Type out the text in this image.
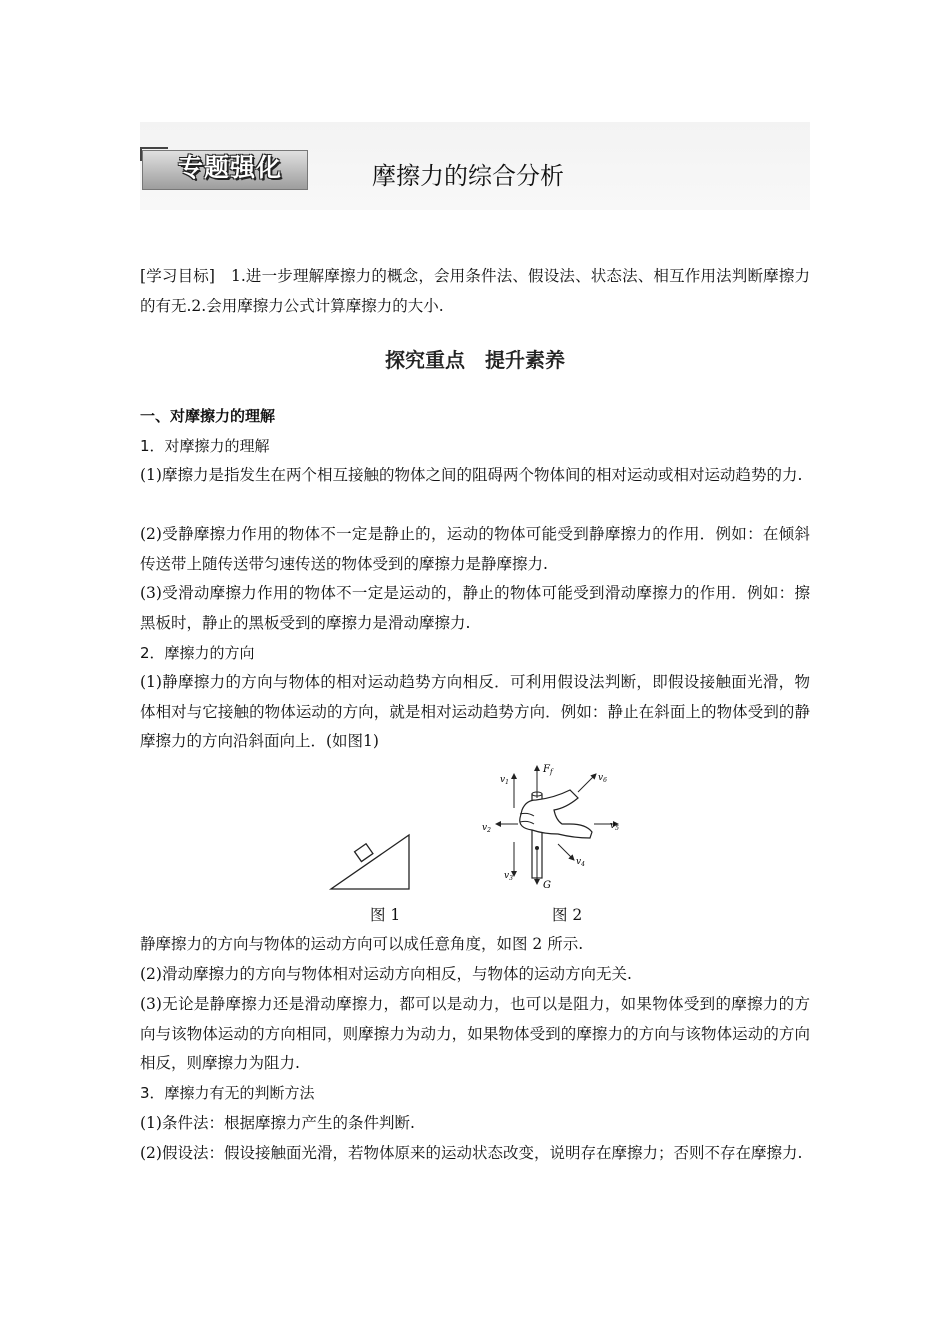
专题强化	摩擦力的综合分析

[学习目标] 1.进一步理解摩擦力的概念，会用条件法、假设法、状态法、相互作用法判断摩擦力的有无.2.会用摩擦力公式计算摩擦力的大小.

探究重点　提升素养
一、对摩擦力的理解
1．对摩擦力的理解

(1)摩擦力是指发生在两个相互接触的物体之间的阻碍两个物体间的相对运动或相对运动趋势的力.

(2)受静摩擦力作用的物体不一定是静止的，运动的物体可能受到静摩擦力的作用．例如：在倾斜传送带上随传送带匀速传送的物体受到的摩擦力是静摩擦力.

(3)受滑动摩擦力作用的物体不一定是运动的，静止的物体可能受到滑动摩擦力的作用．例如：擦黑板时，静止的黑板受到的摩擦力是滑动摩擦力.

2．摩擦力的方向

(1)静摩擦力的方向与物体的相对运动趋势方向相反．可利用假设法判断，即假设接触面光滑，物体相对与它接触的物体运动的方向，就是相对运动趋势方向．例如：静止在斜面上的物体受到的静摩擦力的方向沿斜面向上．(如图1)

$F_f$
G
$v_1$
$v_2$
$v_3$
$v_4$
$v_5$
$v_6$
图 1	图 2

静摩擦力的方向与物体的运动方向可以成任意角度，如图 2 所示.

(2)滑动摩擦力的方向与物体相对运动方向相反，与物体的运动方向无关.

(3)无论是静摩擦力还是滑动摩擦力，都可以是动力，也可以是阻力，如果物体受到的摩擦力的方向与该物体运动的方向相同，则摩擦力为动力，如果物体受到的摩擦力的方向与该物体运动的方向相反，则摩擦力为阻力.

3．摩擦力有无的判断方法

(1)条件法：根据摩擦力产生的条件判断.

(2)假设法：假设接触面光滑，若物体原来的运动状态改变，说明存在摩擦力；否则不存在摩擦力.
